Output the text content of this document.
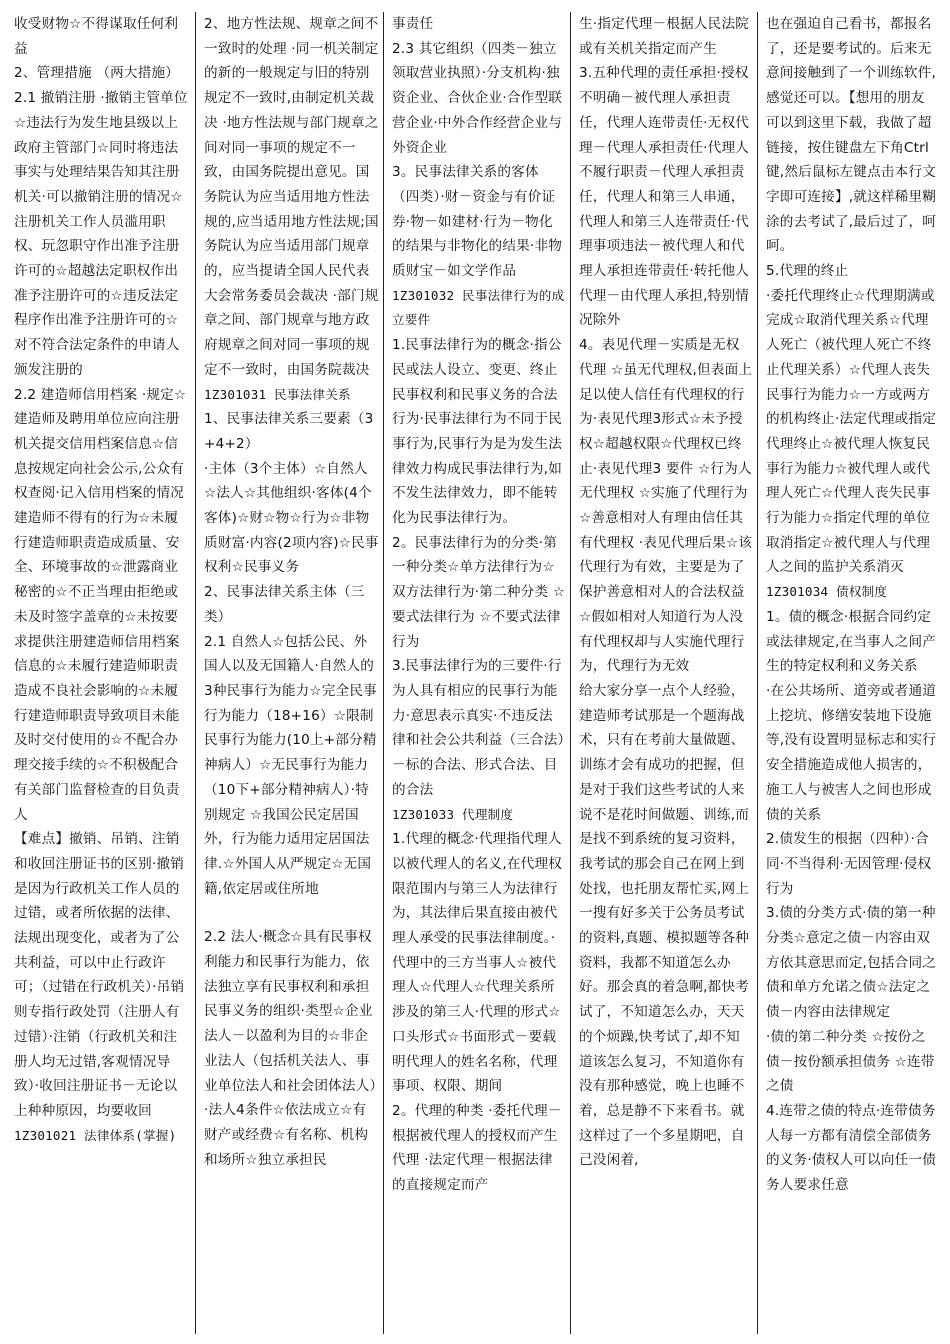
收受财物☆不得谋取任何利益

2、管理措施 （两大措施）

2.1 撤销注册 ·撤销主管单位☆违法行为发生地县级以上政府主管部门☆同时将违法事实与处理结果告知其注册机关·可以撤销注册的情况☆注册机关工作人员滥用职权、玩忽职守作出准予注册许可的☆超越法定职权作出准予注册许可的☆违反法定程序作出准予注册许可的☆对不符合法定条件的申请人颁发注册的

2.2 建造师信用档案 ·规定☆建造师及聘用单位应向注册机关提交信用档案信息☆信息按规定向社会公示,公众有权查阅·记入信用档案的情况

建造师不得有的行为☆未履行建造师职责造成质量、安全、环境事故的☆泄露商业秘密的☆不正当理由拒绝或未及时签字盖章的☆未按要求提供注册建造师信用档案信息的☆未履行建造师职责造成不良社会影响的☆未履行建造师职责导致项目未能及时交付使用的☆不配合办理交接手续的☆不积极配合有关部门监督检查的目负责人

【难点】撤销、吊销、注销和收回注册证书的区别·撤销是因为行政机关工作人员的过错，或者所依据的法律、法规出现变化，或者为了公共利益，可以中止行政许可；（过错在行政机关）·吊销则专指行政处罚（注册人有过错）·注销（行政机关和注册人均无过错,客观情况导致）·收回注册证书－无论以上种种原因，均要收回

1Z301021 法律体系(掌握)

2、地方性法规、规章之间不一致时的处理 ·同一机关制定的新的一般规定与旧的特别规定不一致时,由制定机关裁决 ·地方性法规与部门规章之间对同一事项的规定不一致，由国务院提出意见。国务院认为应当适用地方性法规的,应当适用地方性法规;国务院认为应当适用部门规章的，应当提请全国人民代表大会常务委员会裁决 ·部门规章之间、部门规章与地方政府规章之间对同一事项的规定不一致时，由国务院裁决

1Z301031 民事法律关系

1、民事法律关系三要素（3+4+2）

·主体（3个主体）☆自然人☆法人☆其他组织·客体(4个客体)☆财☆物☆行为☆非物质财富·内容(2项内容)☆民事权利☆民事义务

2、民事法律关系主体（三类）

2.1 自然人☆包括公民、外国人以及无国籍人·自然人的3种民事行为能力☆完全民事行为能力（18+16）☆限制民事行为能力(10上+部分精神病人）☆无民事行为能力（10下+部分精神病人）·特别规定 ☆我国公民定居国外，行为能力适用定居国法律.☆外国人从严规定☆无国籍,依定居或住所地

2.2 法人·概念☆具有民事权利能力和民事行为能力，依法独立享有民事权利和承担民事义务的组织·类型☆企业法人－以盈利为目的☆非企业法人（包括机关法人、事业单位法人和社会团体法人）·法人4条件☆依法成立☆有财产或经费☆有名称、机构和场所☆独立承担民

事责任

2.3 其它组织（四类－独立领取营业执照）·分支机构·独资企业、合伙企业·合作型联营企业·中外合作经营企业与外资企业

3。民事法律关系的客体（四类）·财－资金与有价证券·物－如建材·行为－物化的结果与非物化的结果·非物质财宝－如文学作品

1Z301032 民事法律行为的成立要件

1.民事法律行为的概念·指公民或法人设立、变更、终止民事权利和民事义务的合法行为·民事法律行为不同于民事行为,民事行为是为发生法律效力构成民事法律行为,如不发生法律效力，即不能转化为民事法律行为。

2。民事法律行为的分类·第一种分类☆单方法律行为☆双方法律行为·第二种分类 ☆要式法律行为 ☆不要式法律行为

3.民事法律行为的三要件·行为人具有相应的民事行为能力·意思表示真实·不违反法律和社会公共利益（三合法）－标的合法、形式合法、目的合法

1Z301033 代理制度

1.代理的概念·代理指代理人以被代理人的名义,在代理权限范围内与第三人为法律行为，其法律后果直接由被代理人承受的民事法律制度。·代理中的三方当事人☆被代理人☆代理人☆代理关系所涉及的第三人·代理的形式☆口头形式☆书面形式－要载明代理人的姓名名称，代理事项、权限、期间

2。代理的种类 ·委托代理－根据被代理人的授权而产生代理 ·法定代理－根据法律的直接规定而产

生·指定代理－根据人民法院或有关机关指定而产生

3.五种代理的责任承担·授权不明确－被代理人承担责任，代理人连带责任·无权代理－代理人承担责任·代理人不履行职责－代理人承担责任，代理人和第三人串通，代理人和第三人连带责任·代理事项违法－被代理人和代理人承担连带责任·转托他人代理－由代理人承担,特别情况除外

4。表见代理－实质是无权代理 ☆虽无代理权,但表面上足以使人信任有代理权的行为·表见代理3形式☆未予授权☆超越权限☆代理权已终止·表见代理3 要件 ☆行为人无代理权 ☆实施了代理行为 ☆善意相对人有理由信任其有代理权 ·表见代理后果☆该代理行为有效，主要是为了保护善意相对人的合法权益☆假如相对人知道行为人没有代理权却与人实施代理行为，代理行为无效

给大家分享一点个人经验，建造师考试那是一个题海战术，只有在考前大量做题、训练才会有成功的把握，但是对于我们这些考试的人来说不是花时间做题、训练,而是找不到系统的复习资料，我考试的那会自己在网上到处找，也托朋友帮忙买,网上一搜有好多关于公务员考试的资料,真题、模拟题等各种资料，我都不知道怎么办好。那会真的着急啊,都快考试了，不知道怎么办，天天的个烦躁,快考试了,却不知道该怎么复习，不知道你有没有那种感觉，晚上也睡不着，总是静不下来看书。就这样过了一个多星期吧，自己没闲着,

也在强迫自己看书，都报名了，还是要考试的。后来无意间接触到了一个训练软件,感觉还可以。【想用的朋友可以到这里下载，我做了超链接，按住键盘左下角Ctrl键,然后鼠标左键点击本行文字即可连接】,就这样稀里糊涂的去考试了,最后过了，呵呵。

5.代理的终止

·委托代理终止☆代理期满或完成☆取消代理关系☆代理人死亡（被代理人死亡不终止代理关系）☆代理人丧失民事行为能力☆一方或两方的机构终止·法定代理或指定代理终止☆被代理人恢复民事行为能力☆被代理人或代理人死亡☆代理人丧失民事行为能力☆指定代理的单位取消指定☆被代理人与代理人之间的监护关系消灭

1Z301034 债权制度

1。债的概念·根据合同约定或法律规定,在当事人之间产生的特定权利和义务关系

·在公共场所、道旁或者通道上挖坑、修缮安装地下设施等,没有设置明显标志和实行安全措施造成他人损害的，施工人与被害人之间也形成债的关系

2.债发生的根据（四种）·合同·不当得利·无因管理·侵权行为

3.债的分类方式·债的第一种分类☆意定之债－内容由双方依其意思而定,包括合同之债和单方允诺之债☆法定之债－内容由法律规定

·债的第二种分类 ☆按份之债－按份额承担债务 ☆连带之债

4.连带之债的特点·连带债务人每一方都有清偿全部债务的义务·债权人可以向任一债务人要求任意
